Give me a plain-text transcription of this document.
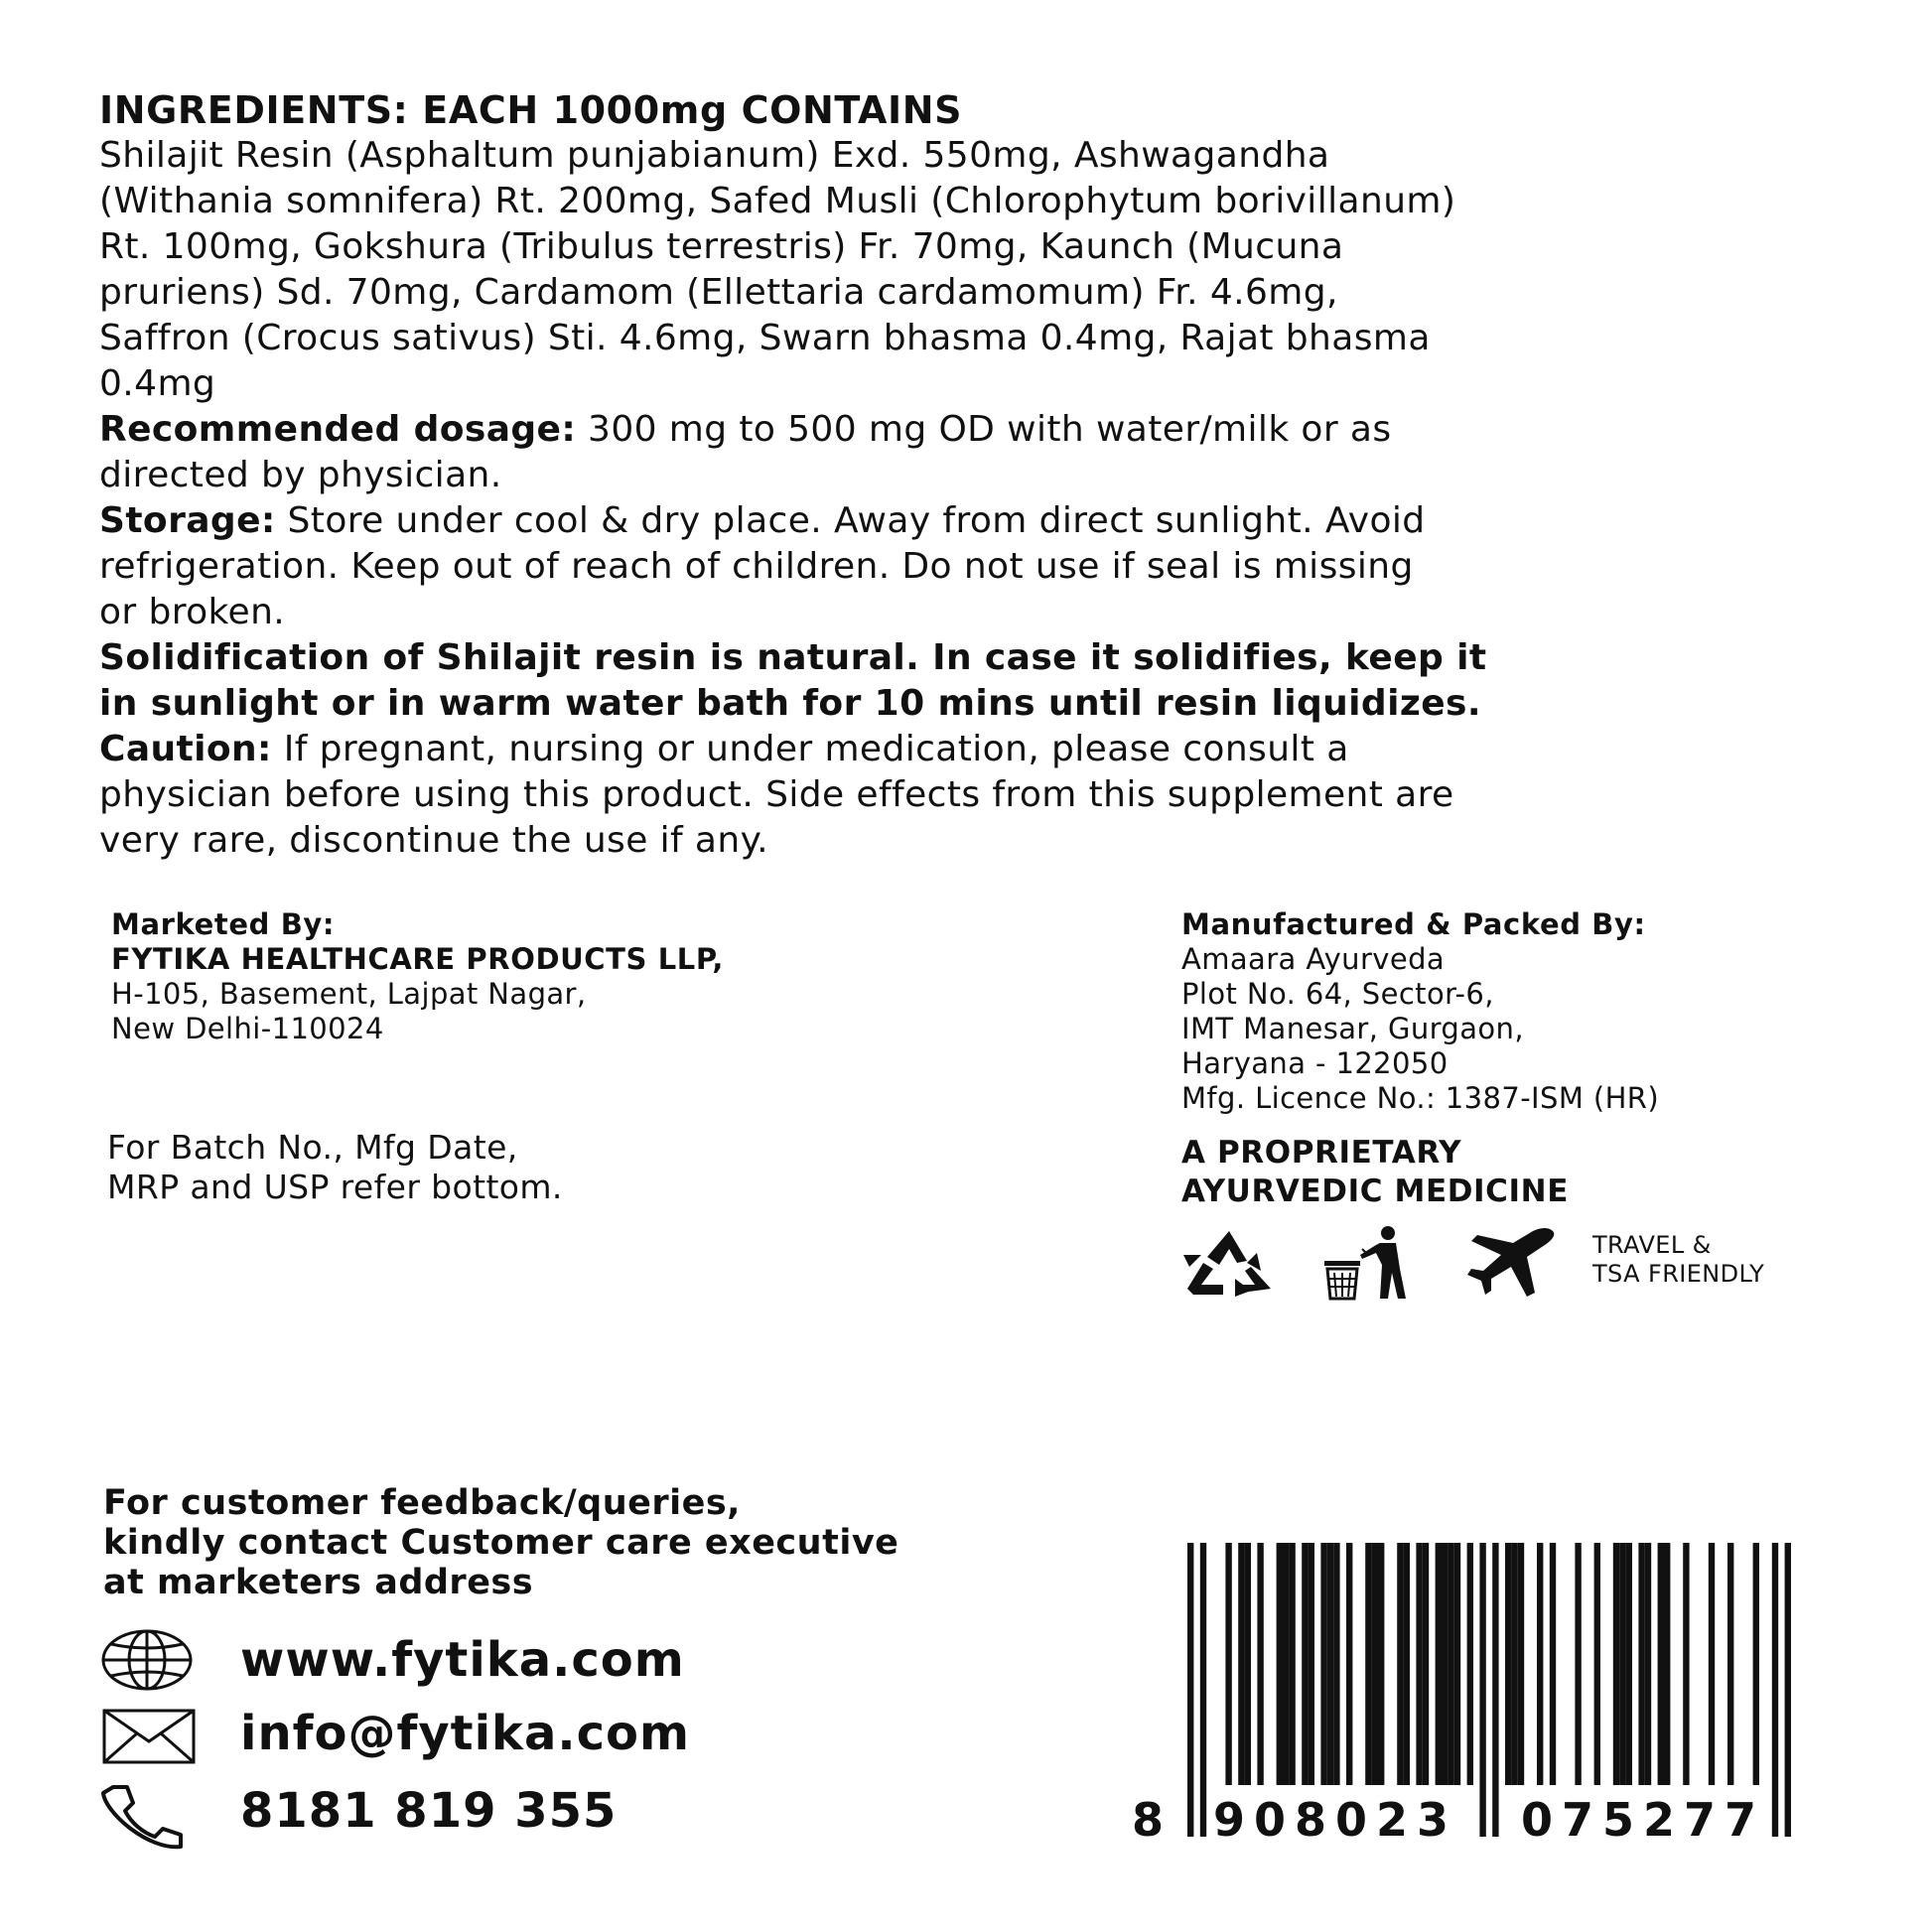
INGREDIENTS: EACH 1000mg CONTAINS
Shilajit Resin (Asphaltum punjabianum) Exd. 550mg, Ashwagandha
(Withania somnifera) Rt. 200mg, Safed Musli (Chlorophytum borivillanum)
Rt. 100mg, Gokshura (Tribulus terrestris) Fr. 70mg, Kaunch (Mucuna
pruriens) Sd. 70mg, Cardamom (Ellettaria cardamomum) Fr. 4.6mg,
Saffron (Crocus sativus) Sti. 4.6mg, Swarn bhasma 0.4mg, Rajat bhasma
0.4mg
Recommended dosage: 300 mg to 500 mg OD with water/milk or as
directed by physician.
Storage: Store under cool & dry place. Away from direct sunlight. Avoid
refrigeration. Keep out of reach of children. Do not use if seal is missing
or broken.
Solidification of Shilajit resin is natural. In case it solidifies, keep it
in sunlight or in warm water bath for 10 mins until resin liquidizes.
Caution: If pregnant, nursing or under medication, please consult a
physician before using this product. Side effects from this supplement are
very rare, discontinue the use if any.
Marketed By:
FYTIKA HEALTHCARE PRODUCTS LLP,
H-105, Basement, Lajpat Nagar,
New Delhi-110024
For Batch No., Mfg Date,
MRP and USP refer bottom.
Manufactured & Packed By:
Amaara Ayurveda
Plot No. 64, Sector-6,
IMT Manesar, Gurgaon,
Haryana - 122050
Mfg. Licence No.: 1387-ISM (HR)
A PROPRIETARY
AYURVEDIC MEDICINE
TRAVEL &
TSA FRIENDLY
For customer feedback/queries,
kindly contact Customer care executive
at marketers address
www.fytika.com
info@fytika.com
8181 819 355	8 908023 075277
